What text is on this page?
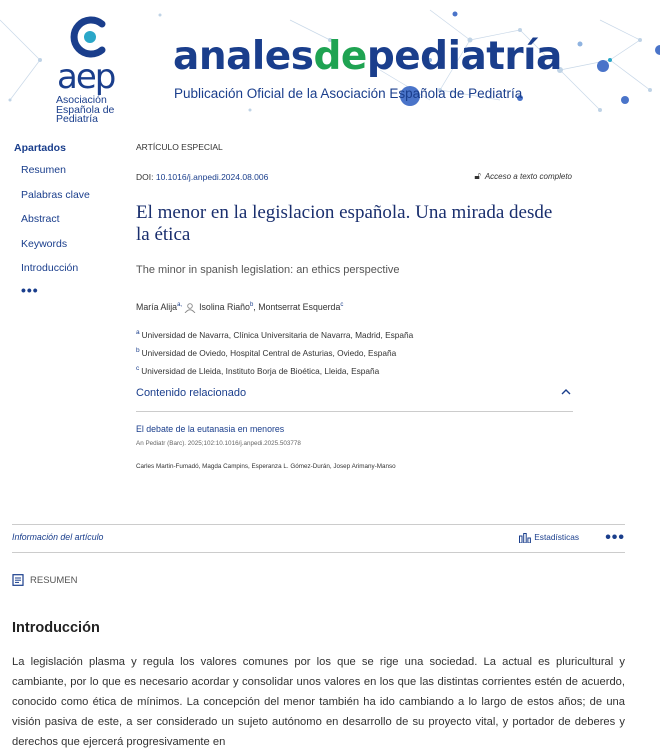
aep
Asociación Española de Pediatría
analesdepediatría
Publicación Oficial de la Asociación Española de Pediatría
Apartados
Resumen
Palabras clave
Abstract
Keywords
Introducción
•••
ARTÍCULO ESPECIAL
DOI: 10.1016/j.anpedi.2024.08.006	🔓︎ Acceso a texto completo
El menor en la legislacion española. Una mirada desde la ética
The minor in spanish legislation: an ethics perspective
María Alija$^{a,}$ Isolina Riaño$^b$, Montserrat Esquerda$^c$
$^a$ Universidad de Navarra, Clínica Universitaria de Navarra, Madrid, España
$^b$ Universidad de Oviedo, Hospital Central de Asturias, Oviedo, España
$^c$ Universidad de Lleida, Instituto Borja de Bioética, Lleida, España
Contenido relacionado
El debate de la eutanasia en menores
An Pediatr (Barc). 2025;102:10.1016/j.anpedi.2025.503778
Carles Martin-Fumadó, Magda Campins, Esperanza L. Gómez-Durán, Josep Arimany-Manso
Información del artículo	Estadísticas •••
RESUMEN
Introducción

La legislación plasma y regula los valores comunes por los que se rige una sociedad. La actual es pluricultural y cambiante, por lo que es necesario acordar y consolidar unos valores en los que las distintas corrientes estén de acuerdo, conocido como ética de mínimos. La concepción del menor también ha ido cambiando a lo largo de estos años; de una visión pasiva de este, a ser considerado un sujeto autónomo en desarrollo de su proyecto vital, y portador de deberes y derechos que ejercerá progresivamente en
